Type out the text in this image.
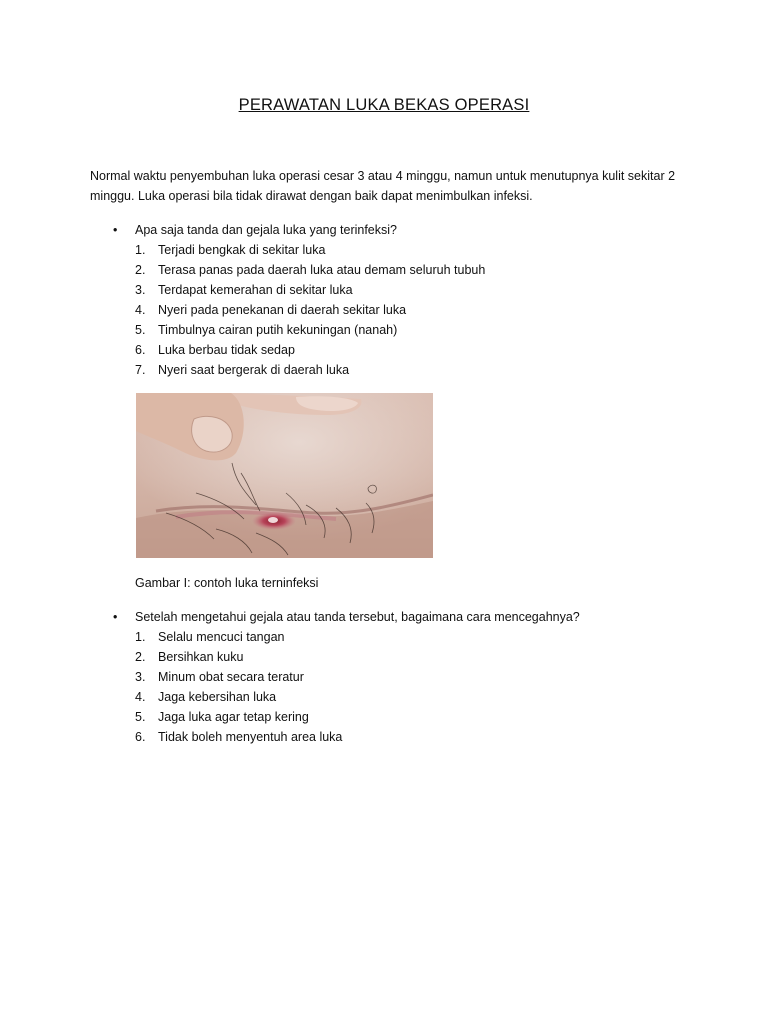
PERAWATAN LUKA BEKAS OPERASI

Normal waktu penyembuhan luka operasi cesar 3 atau 4 minggu, namun untuk menutupnya kulit sekitar 2 minggu. Luka operasi bila tidak dirawat dengan baik dapat menimbulkan infeksi.

• Apa saja tanda dan gejala luka yang terinfeksi?
1. Terjadi bengkak di sekitar luka
2. Terasa panas pada daerah luka atau demam seluruh tubuh
3. Terdapat kemerahan di sekitar luka
4. Nyeri pada penekanan di daerah sekitar luka
5. Timbulnya cairan putih kekuningan (nanah)
6. Luka berbau tidak sedap
7. Nyeri saat bergerak di daerah luka
Gambar I: contoh luka terninfeksi
• Setelah mengetahui gejala atau tanda tersebut, bagaimana cara mencegahnya?
1. Selalu mencuci tangan
2. Bersihkan kuku
3. Minum obat secara teratur
4. Jaga kebersihan luka
5. Jaga luka agar tetap kering
6. Tidak boleh menyentuh area luka
